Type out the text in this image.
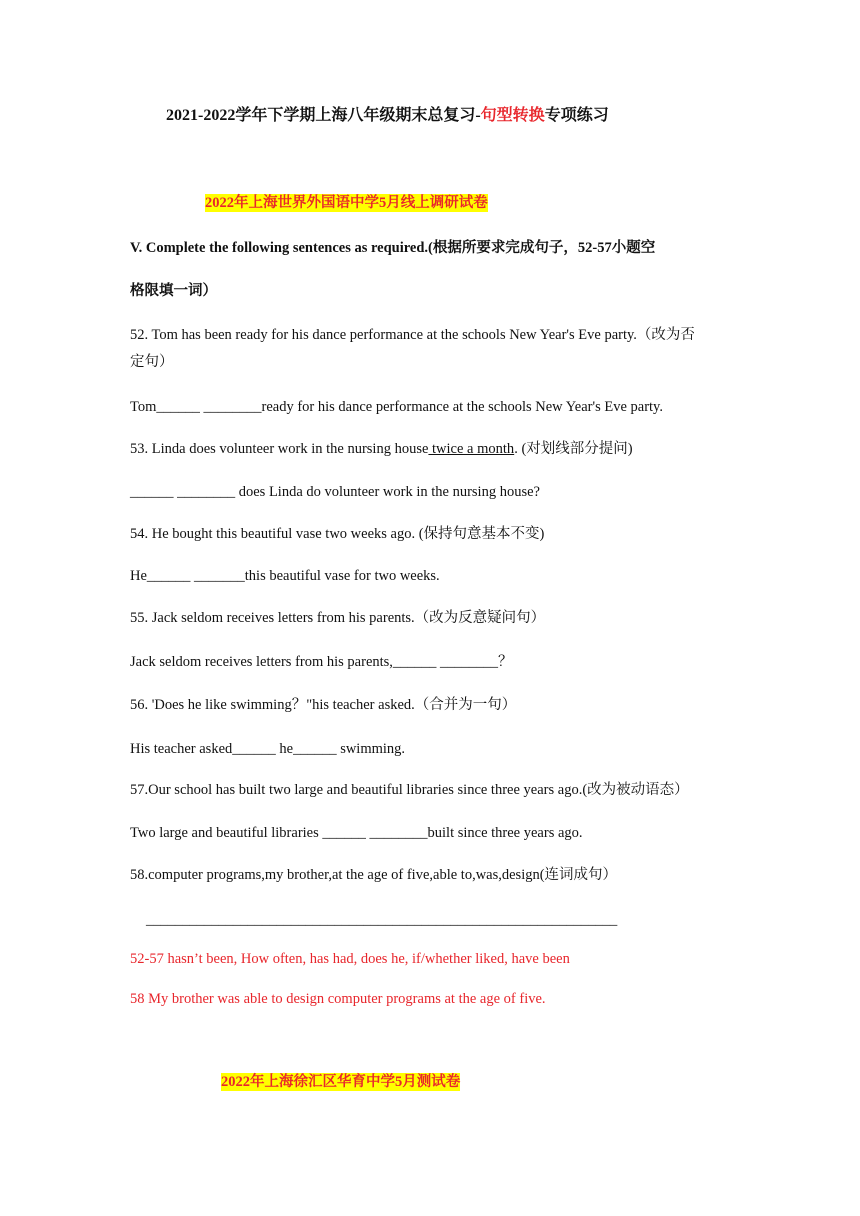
2021-2022学年下学期上海八年级期末总复习-句型转换专项练习
2022年上海世界外国语中学5月线上调研试卷
V. Complete the following sentences as required.(根据所要求完成句子，52-57小题空
格限填一词）
52. Tom has been ready for his dance performance at the schools New Year's Eve party.（改为否
定句）
Tom______ ________ready for his dance performance at the schools New Year's Eve party.
53. Linda does volunteer work in the nursing house twice a month. (对划线部分提问)
______ ________ does Linda do volunteer work in the nursing house?
54. He bought this beautiful vase two weeks ago. (保持句意基本不变)
He______ _______this beautiful vase for two weeks.
55. Jack seldom receives letters from his parents.（改为反意疑问句）
Jack seldom receives letters from his parents,______ ________？
56. 'Does he like swimming？"his teacher asked.（合并为一句）
His teacher asked______ he______ swimming.
57.Our school has built two large and beautiful libraries since three years ago.(改为被动语态）
Two large and beautiful libraries ______ ________built since three years ago.
58.computer programs,my brother,at the age of five,able to,was,design(连词成句）
_________________________________________________________________
52-57 hasn’t been, How often, has had, does he, if/whether liked, have been
58 My brother was able to design computer programs at the age of five.
2022年上海徐汇区华育中学5月测试卷
